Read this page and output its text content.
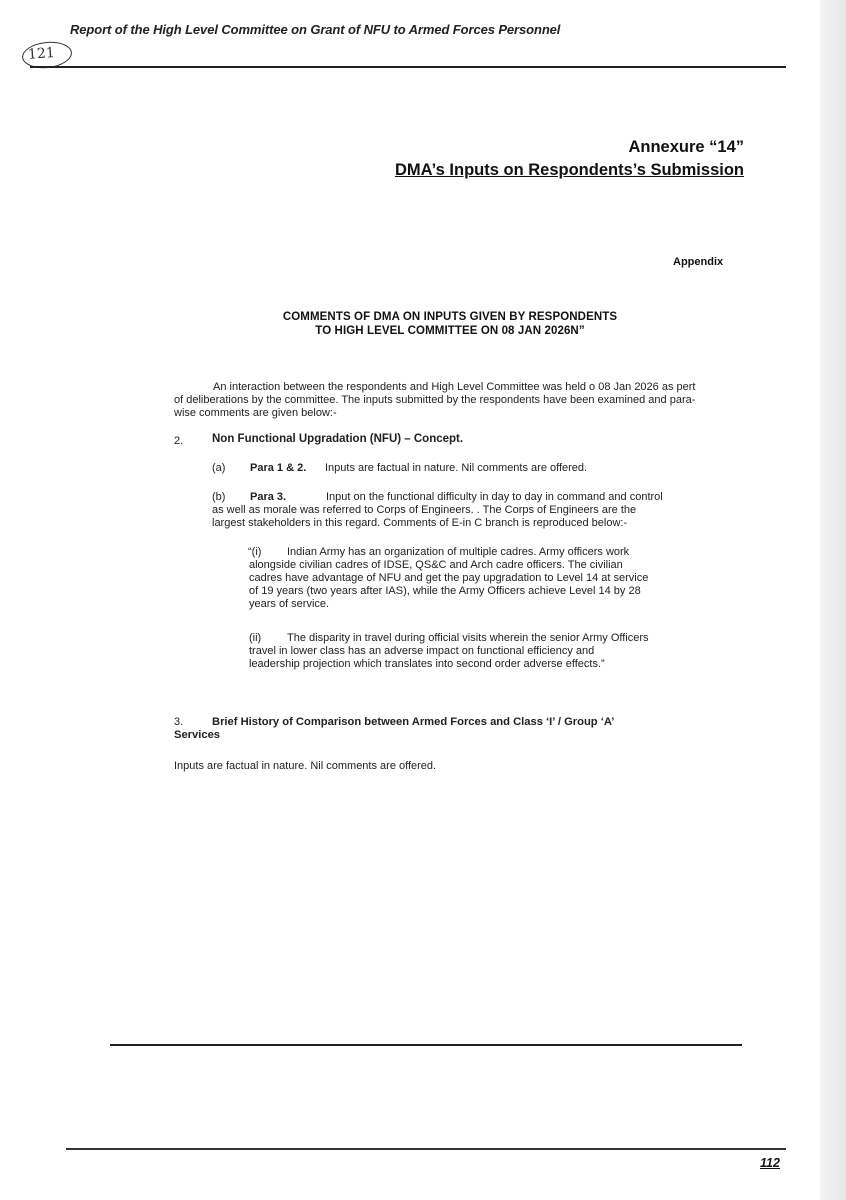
121
Report of the High Level Committee on Grant of NFU to Armed Forces Personnel
Annexure “14”
DMA’s Inputs on Respondents’s Submission
Appendix
COMMENTS OF DMA ON INPUTS GIVEN BY RESPONDENTS
TO HIGH LEVEL COMMITTEE ON 08 JAN 2026N”
An interaction between the respondents and High Level Committee was held o 08 Jan 2026 as pert
of deliberations by the committee. The inputs submitted by the respondents have been examined and para-
wise comments are given below:-
2.	Non Functional Upgradation (NFU) – Concept.
(a) Para 1 & 2. Inputs are factual in nature. Nil comments are offered.
(b) Para 3.	Input on the functional difficulty in day to day in command and control
as well as morale was referred to Corps of Engineers. . The Corps of Engineers are the
largest stakeholders in this regard. Comments of E-in C branch is reproduced below:-
“(i) Indian Army has an organization of multiple cadres. Army officers work
alongside civilian cadres of IDSE, QS&C and Arch cadre officers. The civilian
cadres have advantage of NFU and get the pay upgradation to Level 14 at service
of 19 years (two years after IAS), while the Army Officers achieve Level 14 by 28
years of service.
(ii) The disparity in travel during official visits wherein the senior Army Officers
travel in lower class has an adverse impact on functional efficiency and
leadership projection which translates into second order adverse effects.”
3.	Brief History of Comparison between Armed Forces and Class ‘I’ / Group ‘A’
Services
Inputs are factual in nature. Nil comments are offered.
112
